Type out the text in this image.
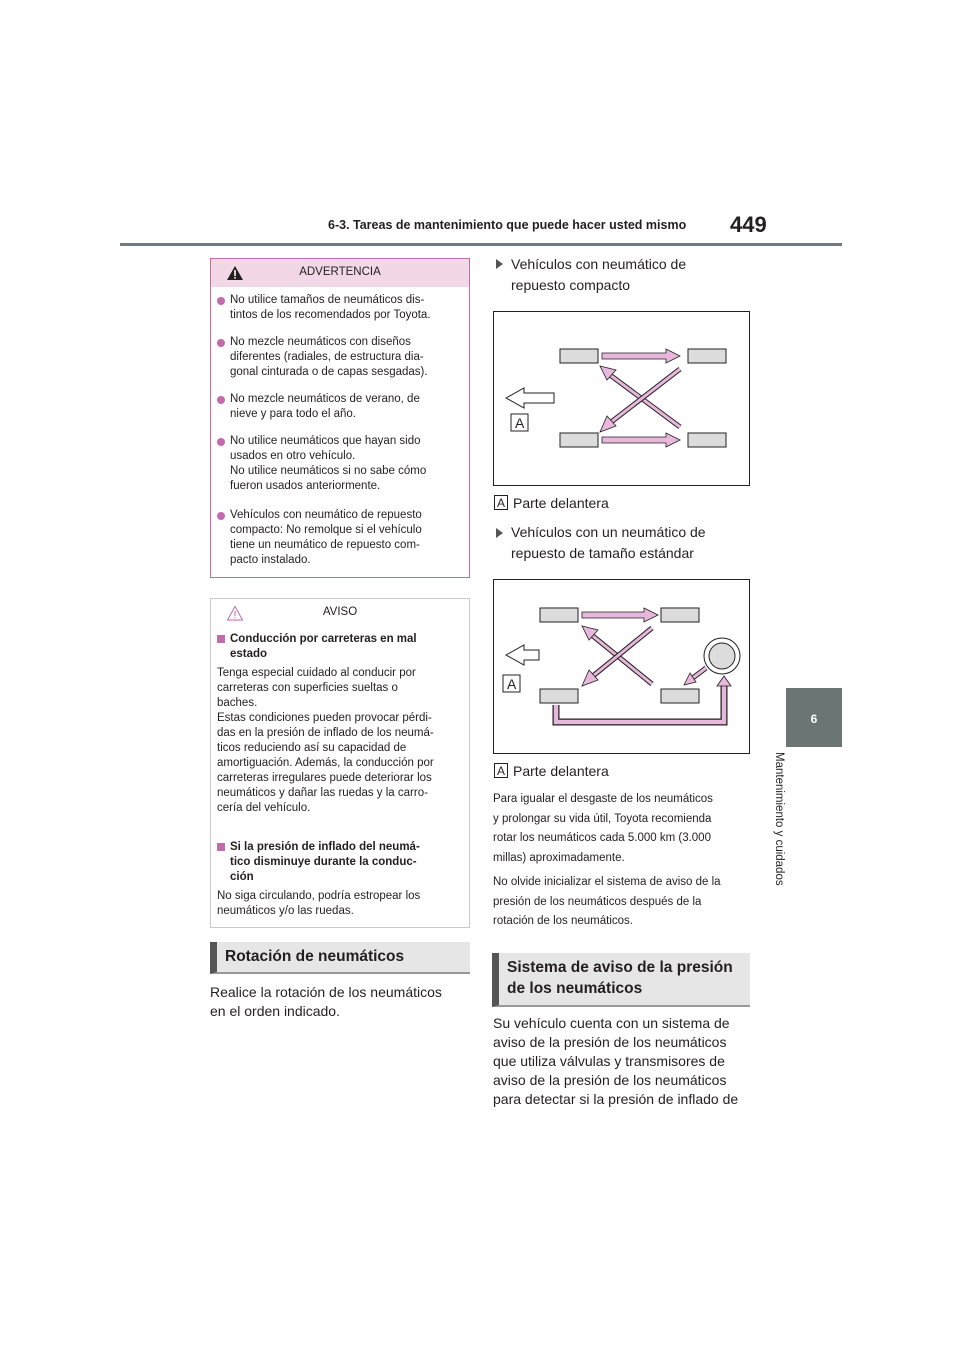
6-3. Tareas de mantenimiento que puede hacer usted mismo 449
6
Mantenimiento y cuidados
ADVERTENCIA
No utilice tamaños de neumáticos dis-
tintos de los recomendados por Toyota.
No mezcle neumáticos con diseños
diferentes (radiales, de estructura dia-
gonal cinturada o de capas sesgadas).
No mezcle neumáticos de verano, de
nieve y para todo el año.
No utilice neumáticos que hayan sido
usados en otro vehículo.
No utilice neumáticos si no sabe cómo
fueron usados anteriormente.
Vehículos con neumático de repuesto
compacto: No remolque si el vehículo
tiene un neumático de repuesto com-
pacto instalado.
AVISO
Conducción por carreteras en mal
estado
Tenga especial cuidado al conducir por
carreteras con superficies sueltas o
baches.
Estas condiciones pueden provocar pérdi-
das en la presión de inflado de los neumá-
ticos reduciendo así su capacidad de
amortiguación. Además, la conducción por
carreteras irregulares puede deteriorar los
neumáticos y dañar las ruedas y la carro-
cería del vehículo.
Si la presión de inflado del neumá-
tico disminuye durante la conduc-
ción
No siga circulando, podría estropear los
neumáticos y/o las ruedas.
Rotación de neumáticos
Realice la rotación de los neumáticos
en el orden indicado.
Vehículos con neumático de
repuesto compacto
A
A Parte delantera
Vehículos con un neumático de
repuesto de tamaño estándar
A
A Parte delantera
Para igualar el desgaste de los neumáticos
y prolongar su vida útil, Toyota recomienda
rotar los neumáticos cada 5.000 km (3.000
millas) aproximadamente.
No olvide inicializar el sistema de aviso de la
presión de los neumáticos después de la
rotación de los neumáticos.
Sistema de aviso de la presión
de los neumáticos
Su vehículo cuenta con un sistema de
aviso de la presión de los neumáticos
que utiliza válvulas y transmisores de
aviso de la presión de los neumáticos
para detectar si la presión de inflado de
